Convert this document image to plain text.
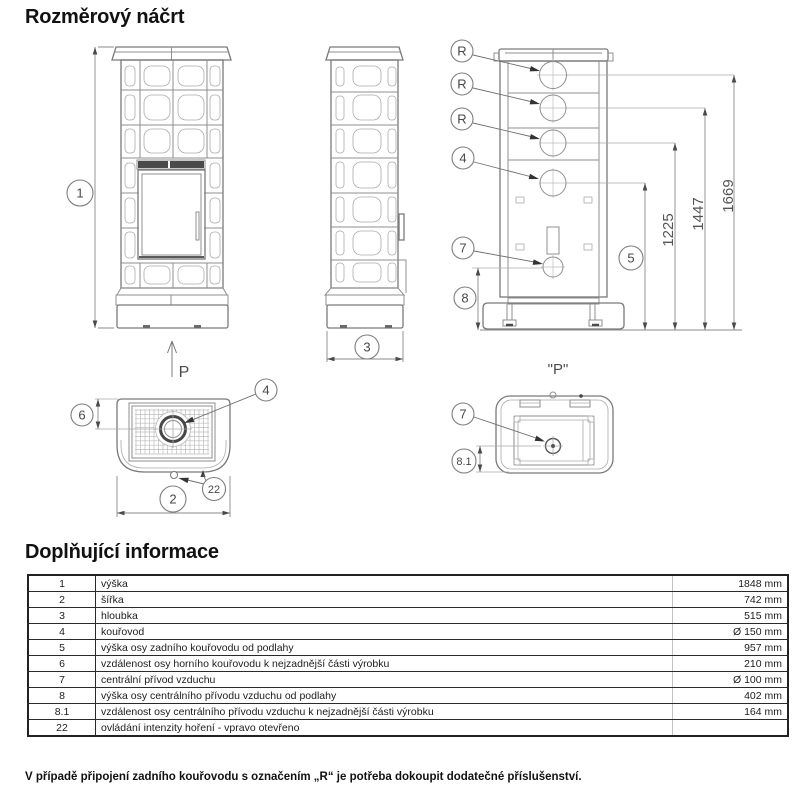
Rozměrový náčrt
1
P
3
R
R
R
4
7
8
1225 1447
1669
5
4
6
22
2
"P"
7
8.1
Doplňující informace
1	výška	1848 mm
2	šířka	742 mm
3	hloubka	515 mm
4	kouřovod	Ø 150 mm
5	výška osy zadního kouřovodu od podlahy	957 mm
6	vzdálenost osy horního kouřovodu k nejzadnější části výrobku	210 mm
7	centrální přívod vzduchu	Ø 100 mm
8	výška osy centrálního přívodu vzduchu od podlahy	402 mm
8.1	vzdálenost osy centrálního přívodu vzduchu k nejzadnější části výrobku	164 mm
22	ovládání intenzity hoření - vpravo otevřeno	

V případě připojení zadního kouřovodu s označením „R“ je potřeba dokoupit dodatečné příslušenství.
